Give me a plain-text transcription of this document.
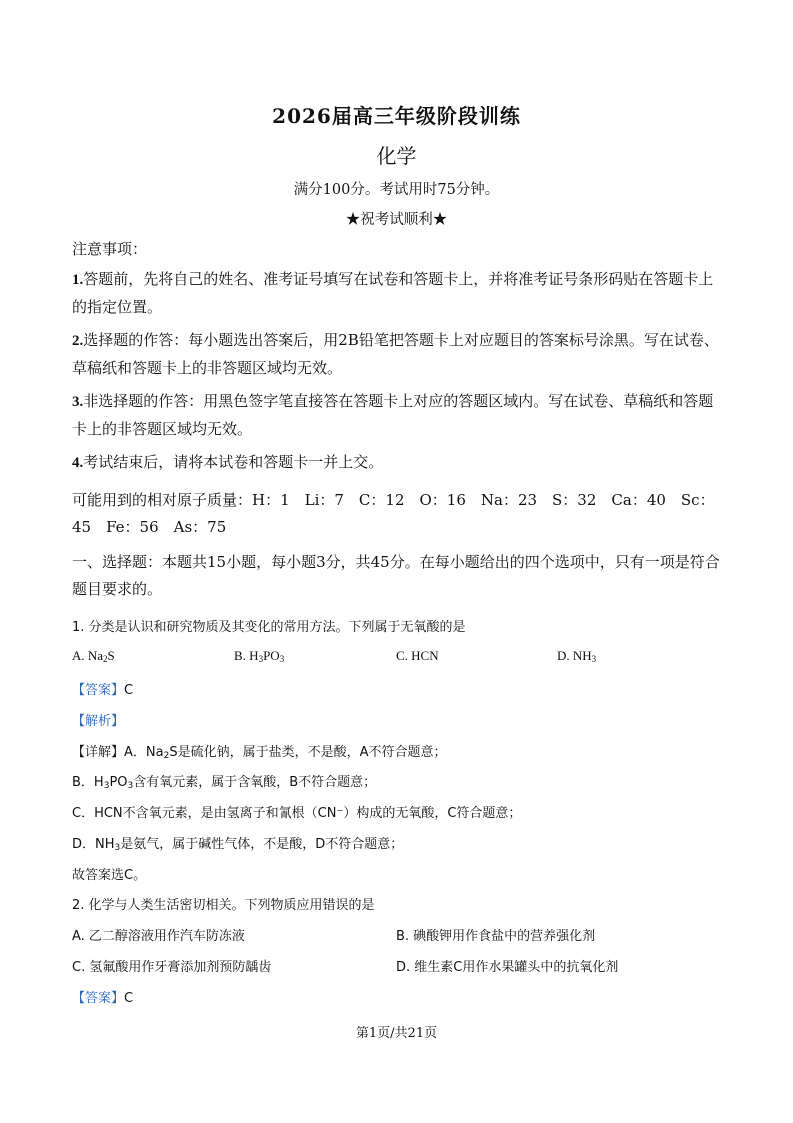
2026届高三年级阶段训练
化学
满分100分。考试用时75分钟。
★祝考试顺利★
注意事项：

1.答题前，先将自己的姓名、准考证号填写在试卷和答题卡上，并将准考证号条形码贴在答题卡上的指定位置。

2.选择题的作答：每小题选出答案后，用2B铅笔把答题卡上对应题目的答案标号涂黑。写在试卷、草稿纸和答题卡上的非答题区域均无效。

3.非选择题的作答：用黑色签字笔直接答在答题卡上对应的答题区域内。写在试卷、草稿纸和答题卡上的非答题区域均无效。

4.考试结束后，请将本试卷和答题卡一并上交。

可能用到的相对原子质量：H：1　Li：7　C：12　O：16　Na：23　S：32　Ca：40　Sc：
45　Fe：56　As：75
一、选择题：本题共15小题，每小题3分，共45分。在每小题给出的四个选项中，只有一项是符合题目要求的。
1. 分类是认识和研究物质及其变化的常用方法。下列属于无氧酸的是
A. $Na_2S$	B. $H_3PO_3$	C. HCN	D. $NH_3$
【答案】C
【解析】
【详解】A．$Na_2S$是硫化钠，属于盐类，不是酸，A不符合题意；
B．$H_3PO_3$含有氧元素，属于含氧酸，B不符合题意；
C．HCN不含氧元素，是由氢离子和氰根（CN⁻）构成的无氧酸，C符合题意；
D．$NH_3$是氨气，属于碱性气体，不是酸，D不符合题意；
故答案选C。
2. 化学与人类生活密切相关。下列物质应用错误的是
A. 乙二醇溶液用作汽车防冻液	B. 碘酸钾用作食盐中的营养强化剂
C. 氢氟酸用作牙膏添加剂预防龋齿	D. 维生素C用作水果罐头中的抗氧化剂
【答案】C
第1页/共21页
